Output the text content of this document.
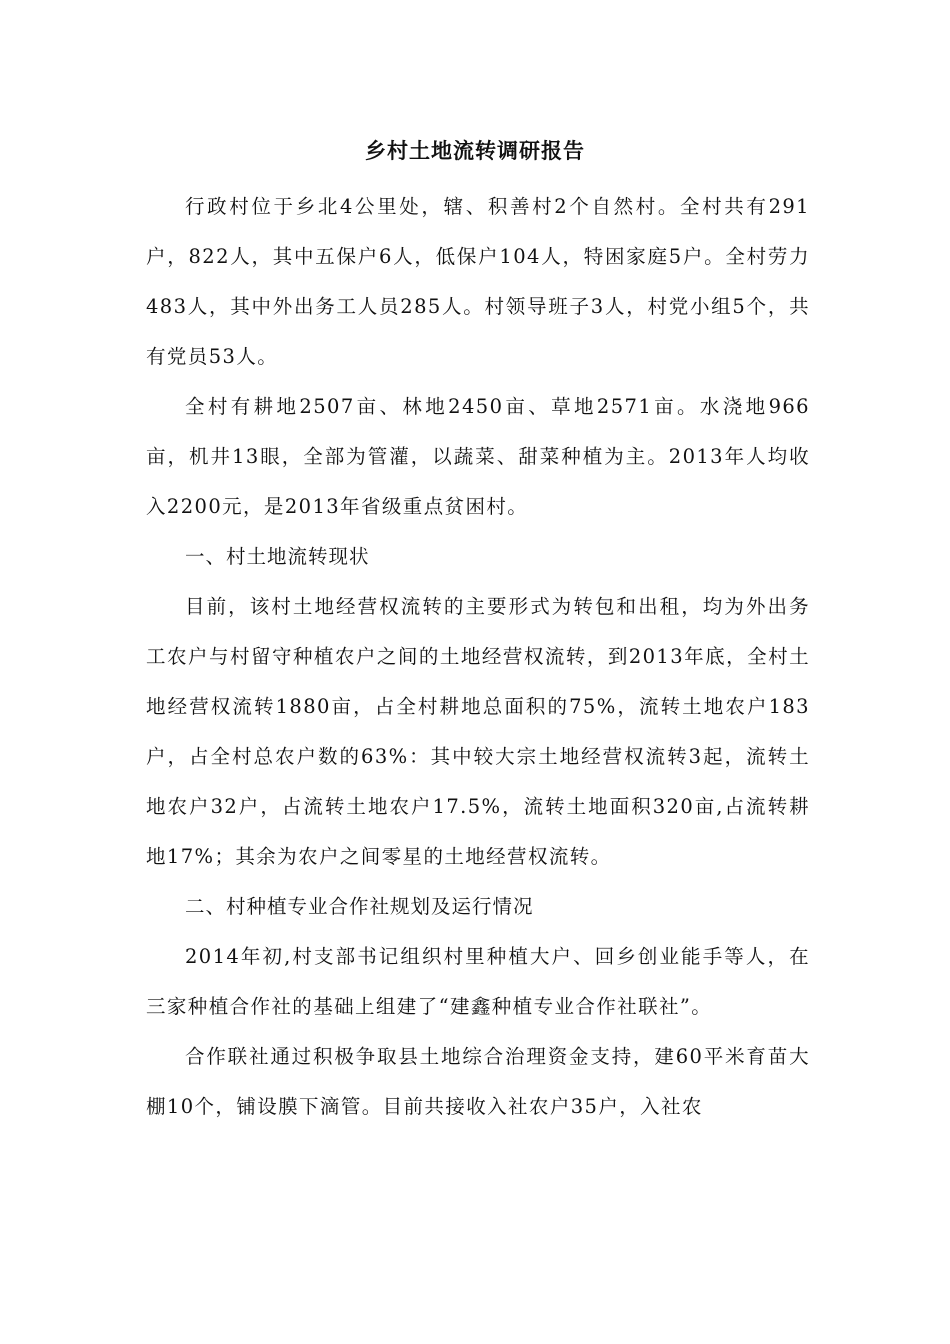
乡村土地流转调研报告

行政村位于乡北4公里处，辖、积善村2个自然村。全村共有291户，822人，其中五保户6人，低保户104人，特困家庭5户。全村劳力483人，其中外出务工人员285人。村领导班子3人，村党小组5个，共有党员53人。

全村有耕地2507亩、林地2450亩、草地2571亩。水浇地966亩，机井13眼，全部为管灌，以蔬菜、甜菜种植为主。2013年人均收入2200元，是2013年省级重点贫困村。

一、村土地流转现状

目前，该村土地经营权流转的主要形式为转包和出租，均为外出务工农户与村留守种植农户之间的土地经营权流转，到2013年底，全村土地经营权流转1880亩，占全村耕地总面积的75%，流转土地农户183户，占全村总农户数的63%：其中较大宗土地经营权流转3起，流转土地农户32户，占流转土地农户17.5%，流转土地面积320亩,占流转耕地17%；其余为农户之间零星的土地经营权流转。

二、村种植专业合作社规划及运行情况

2014年初,村支部书记组织村里种植大户、回乡创业能手等人，在三家种植合作社的基础上组建了“建鑫种植专业合作社联社”。

合作联社通过积极争取县土地综合治理资金支持，建60平米育苗大棚10个，铺设膜下滴管。目前共接收入社农户35户，入社农
